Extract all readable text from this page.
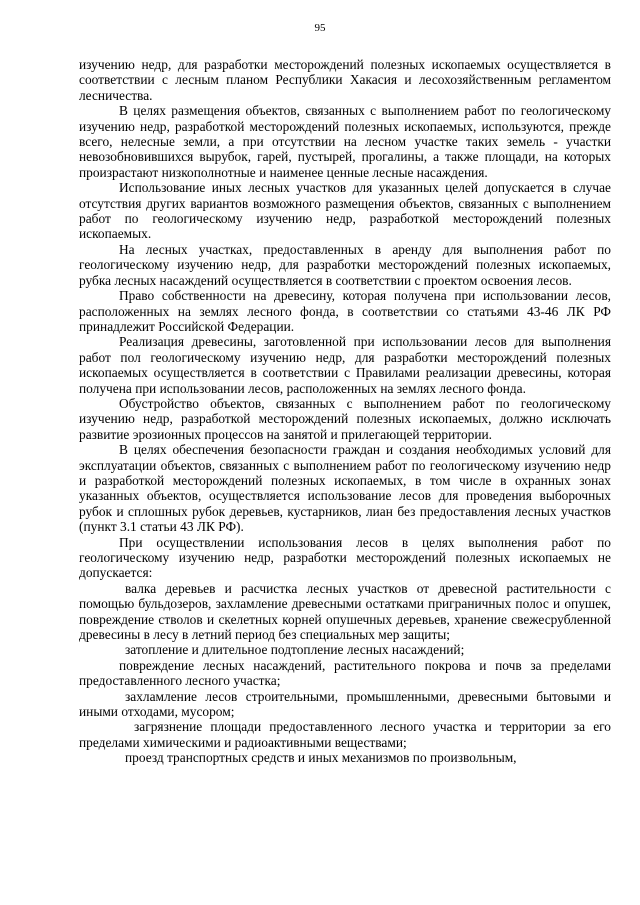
95

изучению недр, для разработки месторождений полезных ископаемых осуществляется в соответствии с лесным планом Республики Хакасия и лесохозяйственным регламентом лесничества.

В целях размещения объектов, связанных с выполнением работ по геологическому изучению недр, разработкой месторождений полезных ископаемых, используются, прежде всего, нелесные земли, а при отсутствии на лесном участке таких земель - участки невозобновившихся вырубок, гарей, пустырей, прогалины, а также площади, на которых произрастают низкополнотные и наименее ценные лесные насаждения.

Использование иных лесных участков для указанных целей допускается в случае отсутствия других вариантов возможного размещения объектов, связанных с выполнением работ по геологическому изучению недр, разработкой месторождений полезных ископаемых.

На лесных участках, предоставленных в аренду для выполнения работ по геологическому изучению недр, для разработки месторождений полезных ископаемых, рубка лесных насаждений осуществляется в соответствии с проектом освоения лесов.

Право собственности на древесину, которая получена при использовании лесов, расположенных на землях лесного фонда, в соответствии со статьями 43-46 ЛК РФ принадлежит Российской Федерации.

Реализация древесины, заготовленной при использовании лесов для выполнения работ пол геологическому изучению недр, для разработки месторождений полезных ископаемых осуществляется в соответствии с Правилами реализации древесины, которая получена при использовании лесов, расположенных на землях лесного фонда.

Обустройство объектов, связанных с выполнением работ по геологическому изучению недр, разработкой месторождений полезных ископаемых, должно исключать развитие эрозионных процессов на занятой и прилегающей территории.

В целях обеспечения безопасности граждан и создания необходимых условий для эксплуатации объектов, связанных с выполнением работ по геологическому изучению недр и разработкой месторождений полезных ископаемых, в том числе в охранных зонах указанных объектов, осуществляется использование лесов для проведения выборочных рубок и сплошных рубок деревьев, кустарников, лиан без предоставления лесных участков (пункт 3.1 статьи 43 ЛК РФ).

При осуществлении использования лесов в целях выполнения работ по геологическому изучению недр, разработки месторождений полезных ископаемых не допускается:

валка деревьев и расчистка лесных участков от древесной растительности с помощью бульдозеров, захламление древесными остатками приграничных полос и опушек, повреждение стволов и скелетных корней опушечных деревьев, хранение свежесрубленной древесины в лесу в летний период без специальных мер защиты;

затопление и длительное подтопление лесных насаждений;

повреждение лесных насаждений, растительного покрова и почв за пределами предоставленного лесного участка;

захламление лесов строительными, промышленными, древесными бытовыми и иными отходами, мусором;

загрязнение площади предоставленного лесного участка и территории за его пределами химическими и радиоактивными веществами;

проезд транспортных средств и иных механизмов по произвольным,
